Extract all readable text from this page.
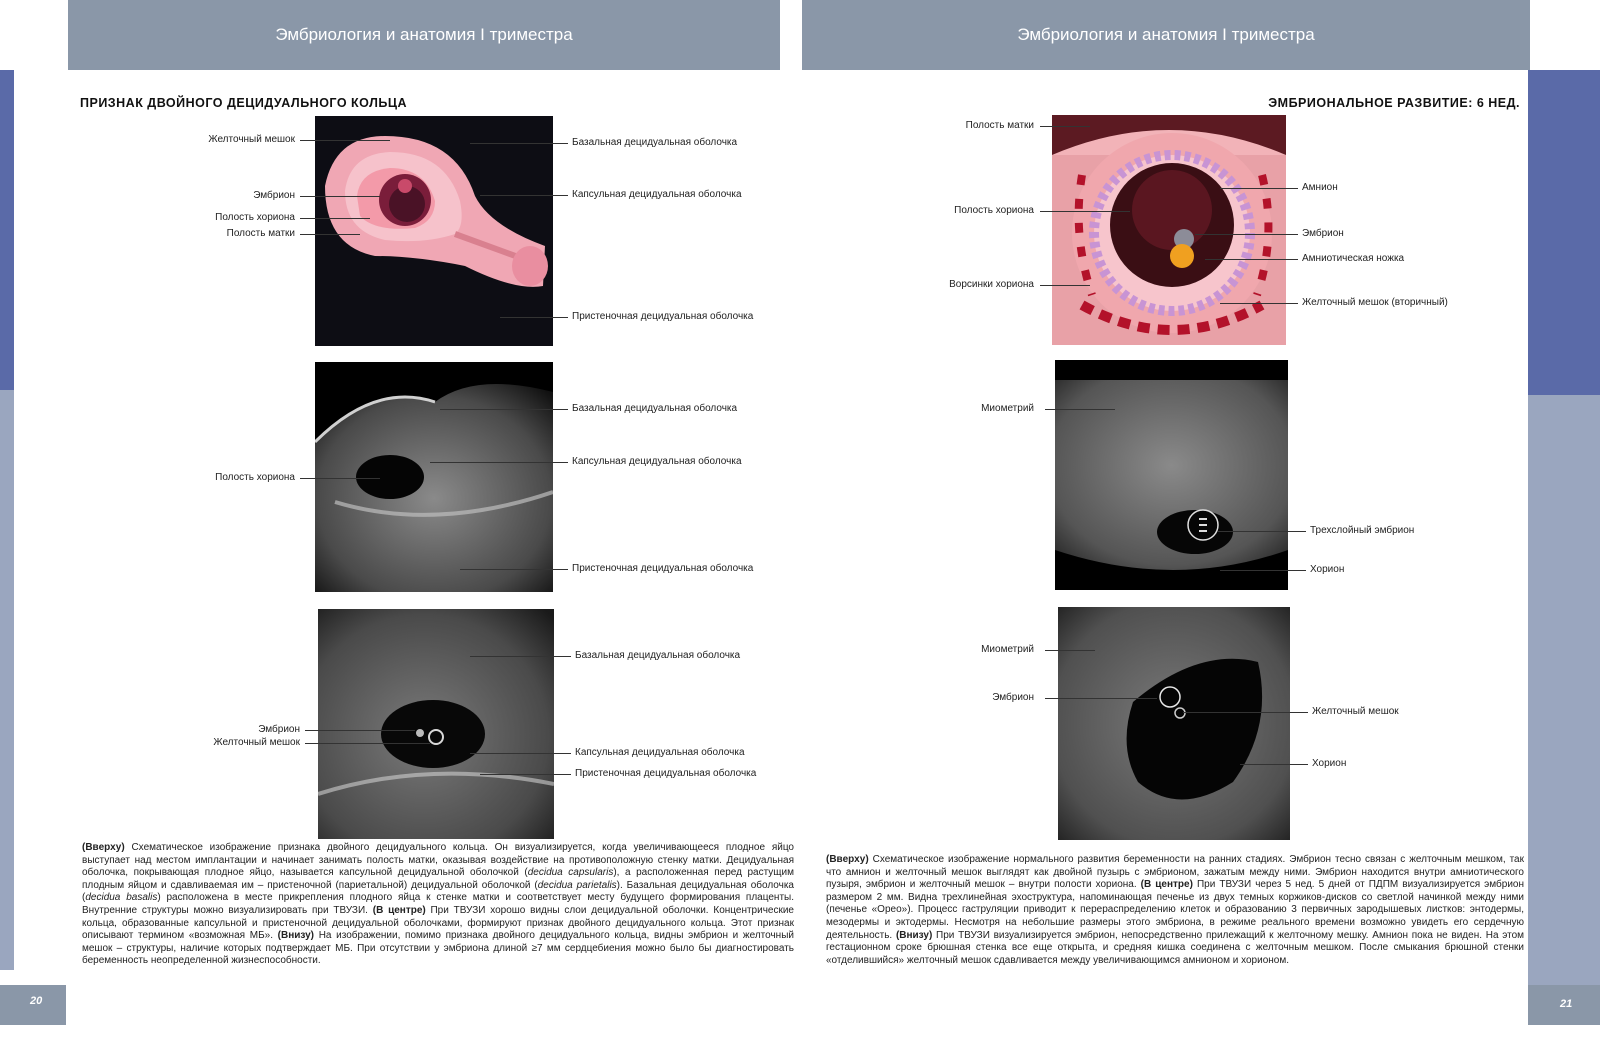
Эмбриология и анатомия I триместра
ПРИЗНАК ДВОЙНОГО ДЕЦИДУАЛЬНОГО КОЛЬЦА
Желточный мешок
Эмбрион
Полость хориона
Полость матки
Базальная децидуальная оболочка
Капсульная децидуальная оболочка
Пристеночная децидуальная оболочка
Базальная децидуальная оболочка
Полость хориона
Капсульная децидуальная оболочка
Пристеночная децидуальная оболочка
Базальная децидуальная оболочка
Эмбрион
Желточный мешок
Капсульная децидуальная оболочка
Пристеночная децидуальная оболочка
(Вверху) Схематическое изображение признака двойного децидуального кольца. Он визуализируется, когда увеличивающееся плодное яйцо выступает над местом имплантации и начинает занимать полость матки, оказывая воздействие на противоположную стенку матки. Децидуальная оболочка, покрывающая плодное яйцо, называется капсульной децидуальной оболочкой (decidua capsularis), а расположенная перед растущим плодным яйцом и сдавливаемая им – пристеночной (париетальной) децидуальной оболочкой (decidua parietalis). Базальная децидуальная оболочка (decidua basalis) расположена в месте прикрепления плодного яйца к стенке матки и соответствует месту будущего формирования плаценты. Внутренние структуры можно визуализировать при ТВУЗИ. (В центре) При ТВУЗИ хорошо видны слои децидуальной оболочки. Концентрические кольца, образованные капсульной и пристеночной децидуальной оболочками, формируют признак двойного децидуального кольца. Этот признак описывают термином «возможная МБ». (Внизу) На изображении, помимо признака двойного децидуального кольца, видны эмбрион и желточный мешок – структуры, наличие которых подтверждает МБ. При отсутствии у эмбриона длиной ≥7 мм сердцебиения можно было бы диагностировать беременность неопределенной жизнеспособности.
20
Эмбриология и анатомия I триместра
ЭМБРИОНАЛЬНОЕ РАЗВИТИЕ: 6 НЕД.
Полость матки
Полость хориона
Ворсинки хориона
Амнион
Эмбрион
Амниотическая ножка
Желточный мешок (вторичный)
Миометрий
Трехслойный эмбрион
Хорион
Миометрий
Эмбрион
Желточный мешок
Хорион
(Вверху) Схематическое изображение нормального развития беременности на ранних стадиях. Эмбрион тесно связан с желточным мешком, так что амнион и желточный мешок выглядят как двойной пузырь с эмбрионом, зажатым между ними. Эмбрион находится внутри амниотического пузыря, эмбрион и желточный мешок – внутри полости хориона. (В центре) При ТВУЗИ через 5 нед. 5 дней от ПДПМ визуализируется эмбрион размером 2 мм. Видна трехлинейная эхоструктура, напоминающая печенье из двух темных коржиков-дисков со светлой начинкой между ними (печенье «Орео»). Процесс гаструляции приводит к перераспределению клеток и образованию 3 первичных зародышевых листков: энтодермы, мезодермы и эктодермы. Несмотря на небольшие размеры этого эмбриона, в режиме реального времени возможно увидеть его сердечную деятельность. (Внизу) При ТВУЗИ визуализируется эмбрион, непосредственно прилежащий к желточному мешку. Амнион пока не виден. На этом гестационном сроке брюшная стенка все еще открыта, и средняя кишка соединена с желточным мешком. После смыкания брюшной стенки «отделившийся» желточный мешок сдавливается между увеличивающимся амнионом и хорионом.
21
